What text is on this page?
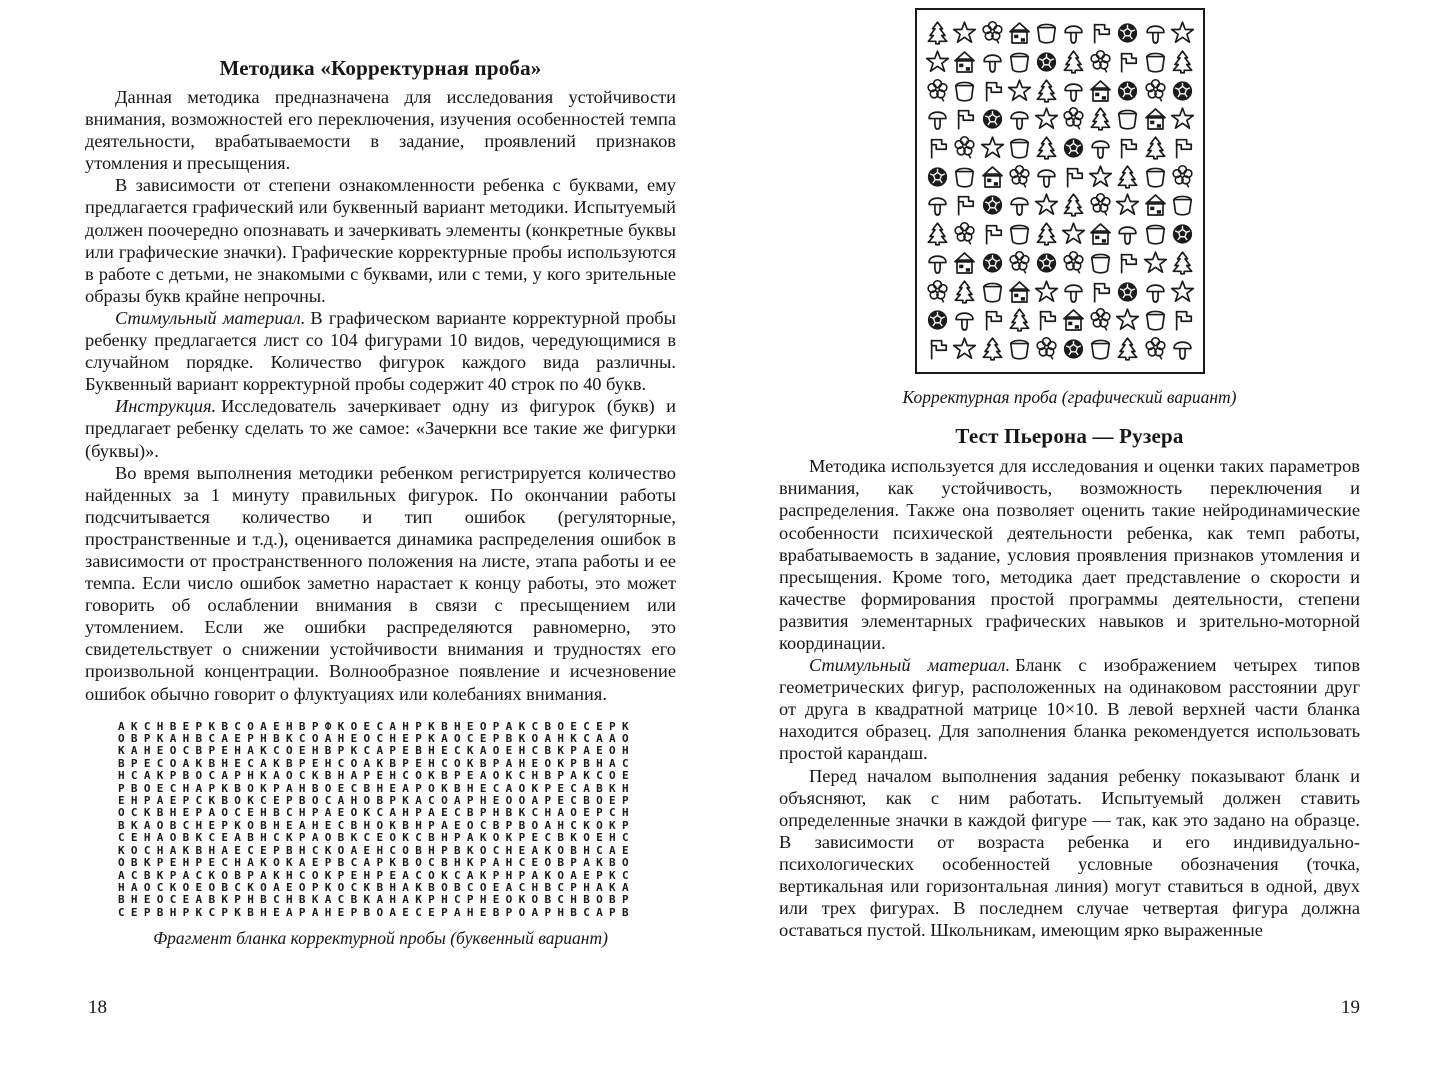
Методика «Корректурная проба»

Данная методика предназначена для исследования устойчивости внимания, возможностей его переключения, изучения особенностей темпа деятельности, врабатываемости в задание, проявлений признаков утомления и пресыщения.

В зависимости от степени ознакомленности ребенка с буквами, ему предлагается графический или буквенный вариант методики. Испытуемый должен поочередно опознавать и зачеркивать элементы (конкретные буквы или графические значки). Графические корректурные пробы используются в работе с детьми, не знакомыми с буквами, или с теми, у кого зрительные образы букв крайне непрочны.

Стимульный материал. В графическом варианте корректурной пробы ребенку предлагается лист со 104 фигурами 10 видов, чередующимися в случайном порядке. Количество фигурок каждого вида различны. Буквенный вариант корректурной пробы содержит 40 строк по 40 букв.

Инструкция. Исследователь зачеркивает одну из фигурок (букв) и предлагает ребенку сделать то же самое: «Зачеркни все такие же фигурки (буквы)».

Во время выполнения методики ребенком регистрируется количество найденных за 1 минуту правильных фигурок. По окончании работы подсчитывается количество и тип ошибок (регуляторные, пространственные и т.д.), оценивается динамика распределения ошибок в зависимости от пространственного положения на листе, этапа работы и ее темпа. Если число ошибок заметно нарастает к концу работы, это может говорить об ослаблении внимания в связи с пресыщением или утомлением. Если же ошибки распределяются равномерно, это свидетельствует о снижении устойчивости внимания и трудностях его произвольной концентрации. Волнообразное появление и исчезновение ошибок обычно говорит о флуктуациях или колебаниях внимания.

АКСНВЕРКВСОАЕНВРФКОЕСАНРКВНЕОРАКСВОЕСЕРК
ОВРКАНВСАЕРНВКСОАНЕОСНЕРКАОСЕРВКОАНКСААО
КАНЕОСВРЕНАКСОЕНВРКСАРЕВНЕСКАОЕНСВКРАЕОН
ВРЕСОАКВНЕСАКВРЕНСОАКВРЕНСОКВРАНЕОКРВНАС
НСАКРВОСАРНКАОСКВНАРЕНСОКВРЕАОКСНВРАКСОЕ
РВОЕСНАРКВОКРАНВОЕСВНЕАРОКВНЕСАОКРЕСАВКН
ЕНРАЕРСКВОКСЕРВОСАНОВРКАСОАРНЕООАРЕСВОЕР
ОСКВНЕРАОСЕНВСНРАЕОКСАНРАЕСВРНВКСНАОЕРСН
ВКАОВСНЕРКОВНЕАНЕСВНОКВНРАЕОСВРВОАНСКОКР
СЕНАОВКСЕАВНСКРАОВКСЕОКСВНРАКОКРЕСВКОЕНС
КОСНАКВНАЕСЕРВНСКОАЕНСОВНРВКОСНЕАКОВНСАЕ
ОВКРЕНРЕСНАКОКАЕРВСАРКВОСВНКРАНСЕОВРАКВО
АСВКРАСКОВРАКНСОКРЕНРЕАСОКСАКРНРАКОАЕРКС
НАОСКОЕОВСКОАЕОРКОСКВНАКВОВСОЕАСНВСРНАКА
ВНЕОСЕАВКРНВСНВКАСВКАНАКРНСРНЕОКОВСНВОВР
СЕРВНРКСРКВНЕАРАНЕРВОАЕСЕРАНЕВРОАРНВСАРВ

Фрагмент бланка корректурной пробы (буквенный вариант)

Корректурная проба (графический вариант)

Тест Пьерона — Рузера

Методика используется для исследования и оценки таких параметров внимания, как устойчивость, возможность переключения и распределения. Также она позволяет оценить такие нейродинамические особенности психической деятельности ребенка, как темп работы, врабатываемость в задание, условия проявления признаков утомления и пресыщения. Кроме того, методика дает представление о скорости и качестве формирования простой программы деятельности, степени развития элементарных графических навыков и зрительно-моторной координации.

Стимульный материал. Бланк с изображением четырех типов геометрических фигур, расположенных на одинаковом расстоянии друг от друга в квадратной матрице 10×10. В левой верхней части бланка находится образец. Для заполнения бланка рекомендуется использовать простой карандаш.

Перед началом выполнения задания ребенку показывают бланк и объясняют, как с ним работать. Испытуемый должен ставить определенные значки в каждой фигуре — так, как это задано на образце. В зависимости от возраста ребенка и его индивидуально-психологических особенностей условные обозначения (точка, вертикальная или горизонтальная линия) могут ставиться в одной, двух или трех фигурах. В последнем случае четвертая фигура должна оставаться пустой. Школьникам, имеющим ярко выраженные

18	19
